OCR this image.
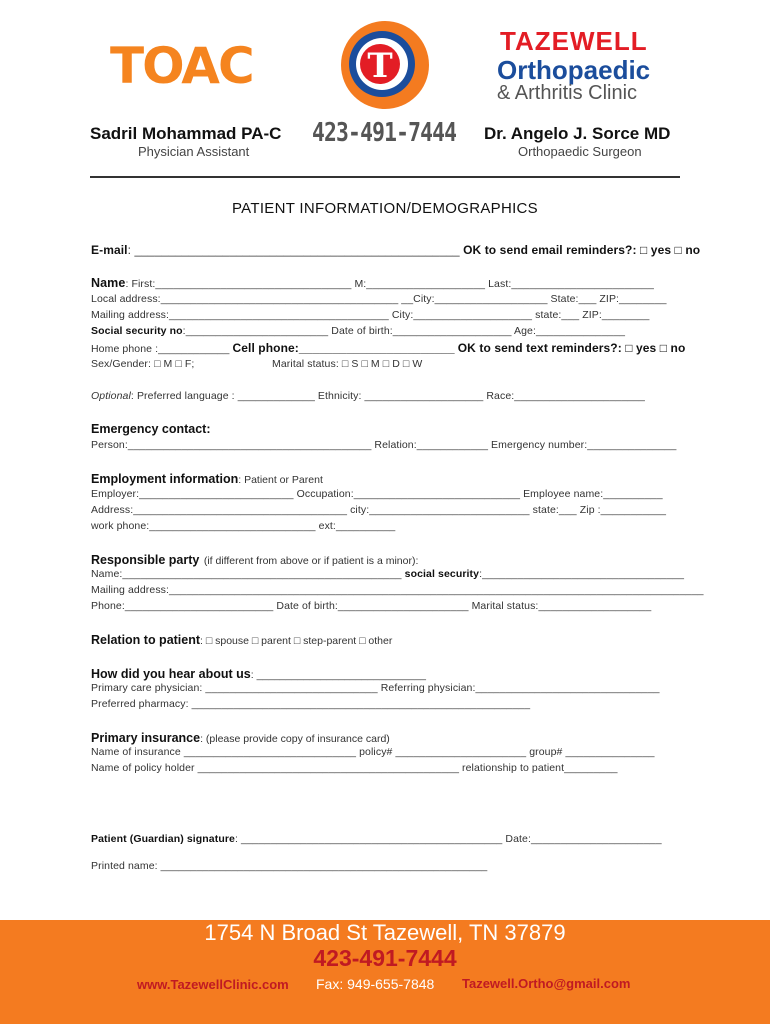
TOAC	T
TAZEWELL
Orthopaedic
& Arthritis Clinic
Sadril Mohammad PA-C
Physician Assistant
423-491-7444 Dr. Angelo J. Sorce MD
Orthopaedic Surgeon
PATIENT INFORMATION/DEMOGRAPHICS
E-mail: ________________________________________________ OK to send email reminders?: □ yes □ no
Name: First:_________________________________ M:____________________ Last:________________________
Local address:________________________________________ __City:___________________ State:___ ZIP:________
Mailing address:_____________________________________ City:____________________ state:___ ZIP:________
Social security no:________________________ Date of birth:____________________ Age:_______________
Home phone :____________ Cell phone:_______________________ OK to send text reminders?: □ yes □ no
Sex/Gender: □ M □ F;	Marital status: □ S □ M □ D □ W
Optional: Preferred language : _____________ Ethnicity: ____________________ Race:______________________
Emergency contact:
Person:_________________________________________ Relation:____________ Emergency number:_______________
Employment information: Patient or Parent
Employer:__________________________ Occupation:____________________________ Employee name:__________
Address:____________________________________ city:___________________________ state:___ Zip :___________
work phone:____________________________ ext:__________
Responsible party (if different from above or if patient is a minor):
Name:_______________________________________________ social security:__________________________________
Mailing address:__________________________________________________________________________________________
Phone:_________________________ Date of birth:______________________ Marital status:___________________
Relation to patient: □ spouse □ parent □ step-parent □ other
How did you hear about us: _____________________________
Primary care physician: _____________________________ Referring physician:_______________________________
Preferred pharmacy: _________________________________________________________
Primary insurance: (please provide copy of insurance card)
Name of insurance _____________________________ policy# ______________________ group# _______________
Name of policy holder ____________________________________________ relationship to patient_________
Patient (Guardian) signature: ____________________________________________ Date:______________________
Printed name: _______________________________________________________
1754 N Broad St Tazewell, TN 37879
423-491-7444
www.TazewellClinic.com Fax: 949-655-7848 Tazewell.Ortho@gmail.com
